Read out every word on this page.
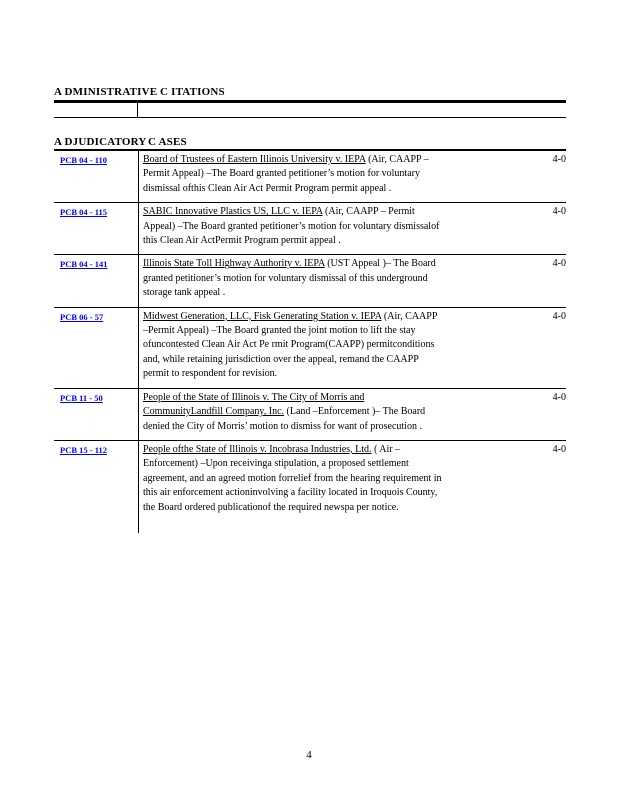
A DMINISTRATIVE C ITATIONS
A DJUDICATORY C ASES
PCB 04 - 110	Board of Trustees of Eastern Illinois University v. IEPA (Air, CAAPP –Permit Appeal) –The Board granted petitioner’s motion for voluntary dismissal ofthis Clean Air Act Permit Program permit appeal .	4-0
PCB 04 - 115	SABIC Innovative Plastics US, LLC v. IEPA (Air, CAAPP – Permit Appeal) –The Board granted petitioner’s motion for voluntary dismissalof this Clean Air ActPermit Program permit appeal .	4-0
PCB 04 - 141	Illinois State Toll Highway Authority v. IEPA (UST Appeal )– The Board granted petitioner’s motion for voluntary dismissal of this underground storage tank appeal .	4-0
PCB 06 - 57	Midwest Generation, LLC, Fisk Generating Station v. IEPA (Air, CAAPP –Permit Appeal) –The Board granted the joint motion to lift the stay ofuncontested Clean Air Act Pe rmit Program(CAAPP) permitconditions and, while retaining jurisdiction over the appeal, remand the CAAPP permit to respondent for revision.	4-0
PCB 11 - 50	People of the State of Illinois v. The City of Morris and CommunityLandfill Company, Inc. (Land –Enforcement )– The Board denied the City of Morris’ motion to dismiss for want of prosecution .	4-0
PCB 15 - 112	People ofthe State of Illinois v. Incobrasa Industries, Ltd. ( Air –Enforcement) –Upon receivinga stipulation, a proposed settlement agreement, and an agreed motion forrelief from the hearing requirement in this air enforcement actioninvolving a facility located in Iroquois County, the Board ordered publicationof the required newspa per notice.	4-0
4
